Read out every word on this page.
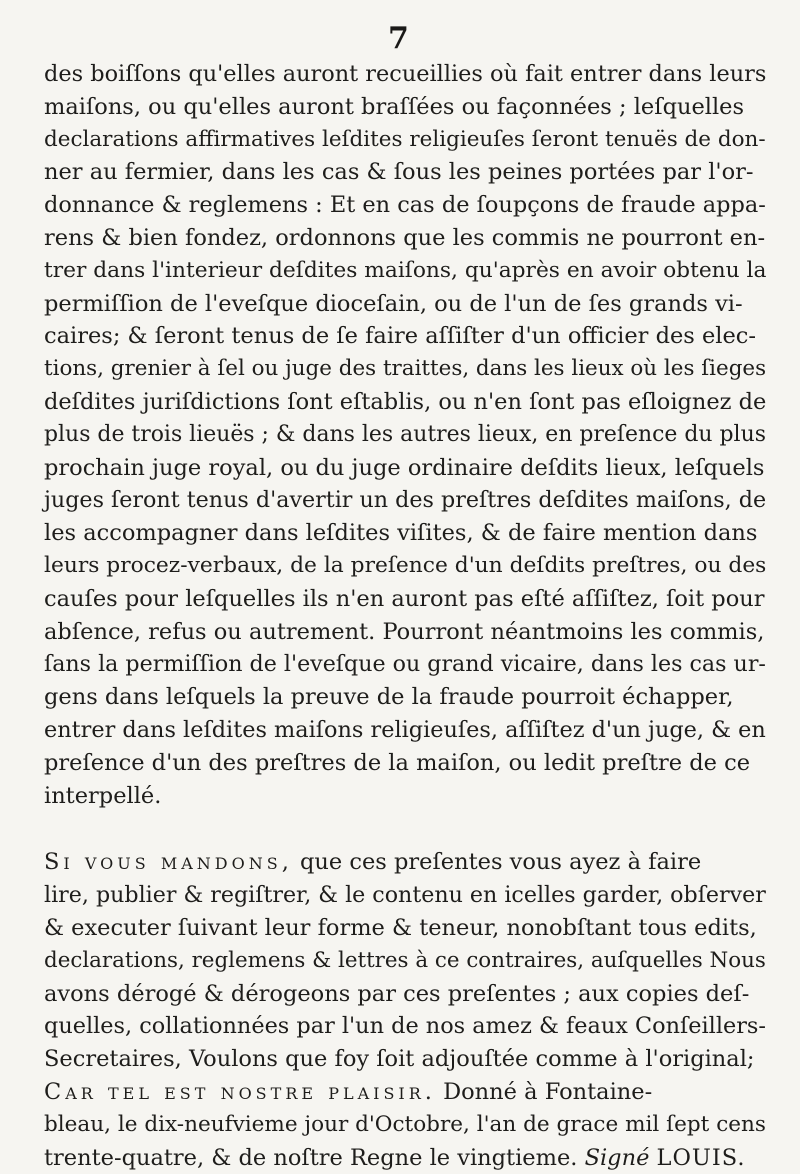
7
des boiſſons qu'elles auront recueillies où fait entrer dans leurs
maiſons, ou qu'elles auront braſſées ou façonnées ; leſquelles
declarations affirmatives leſdites religieuſes ſeront tenuës de don-
ner au fermier, dans les cas & ſous les peines portées par l'or-
donnance & reglemens : Et en cas de ſoupçons de fraude appa-
rens & bien fondez, ordonnons que les commis ne pourront en-
trer dans l'interieur deſdites maiſons, qu'après en avoir obtenu la
permiſſion de l'eveſque dioceſain, ou de l'un de ſes grands vi-
caires; & ſeront tenus de ſe faire aſſiſter d'un officier des elec-
tions, grenier à ſel ou juge des traittes, dans les lieux où les ſieges
deſdites juriſdictions ſont eſtablis, ou n'en ſont pas eſloignez de
plus de trois lieuës ; & dans les autres lieux, en preſence du plus
prochain juge royal, ou du juge ordinaire deſdits lieux, leſquels
juges ſeront tenus d'avertir un des preſtres deſdites maiſons, de
les accompagner dans leſdites viſites, & de faire mention dans
leurs procez-verbaux, de la preſence d'un deſdits preſtres, ou des
cauſes pour leſquelles ils n'en auront pas eſté aſſiſtez, ſoit pour
abſence, refus ou autrement. Pourront néantmoins les commis,
ſans la permiſſion de l'eveſque ou grand vicaire, dans les cas ur-
gens dans leſquels la preuve de la fraude pourroit échapper,
entrer dans leſdites maiſons religieuſes, aſſiſtez d'un juge, & en
preſence d'un des preſtres de la maiſon, ou ledit preſtre de ce
interpellé.
Si vous mandons, que ces preſentes vous ayez à faire
lire, publier & regiſtrer, & le contenu en icelles garder, obſerver
& executer ſuivant leur forme & teneur, nonobſtant tous edits,
declarations, reglemens & lettres à ce contraires, auſquelles Nous
avons dérogé & dérogeons par ces preſentes ; aux copies deſ-
quelles, collationnées par l'un de nos amez & feaux Conſeillers-
Secretaires, Voulons que foy ſoit adjouſtée comme à l'original;
Car tel est nostre plaisir. Donné à Fontaine-
bleau, le dix-neufvieme jour d'Octobre, l'an de grace mil ſept cens
trente-quatre, & de noſtre Regne le vingtieme. Signé LOUIS.
